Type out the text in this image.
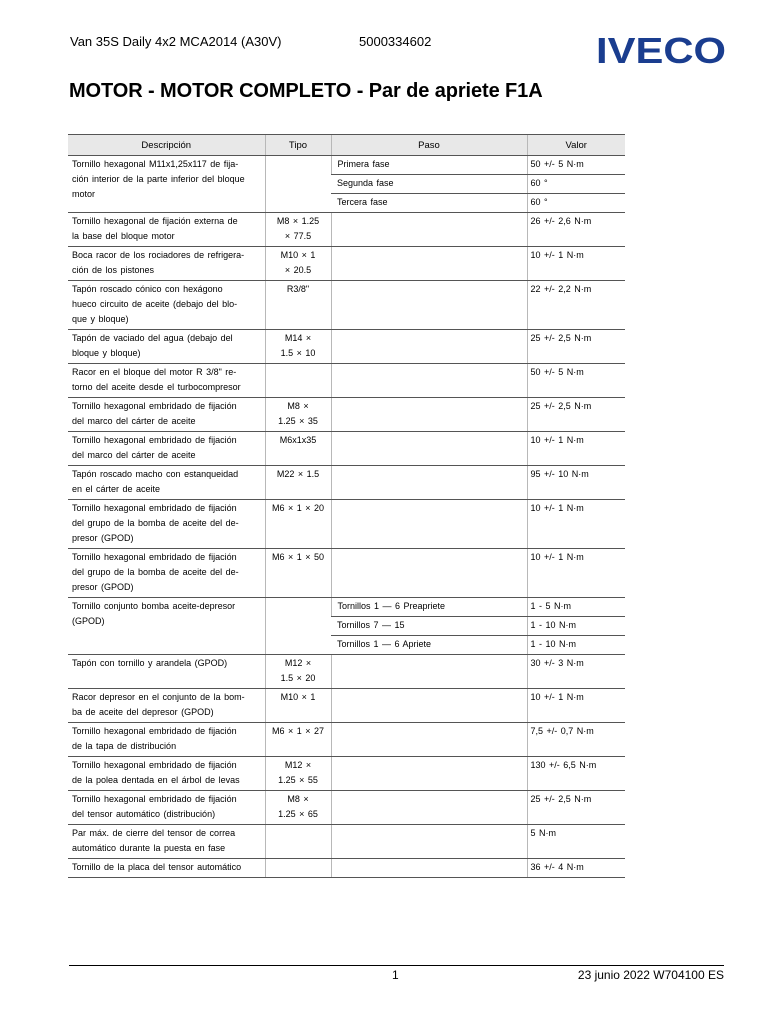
Van 35S Daily 4x2 MCA2014 (A30V)	5000334602	IVECO
MOTOR - MOTOR COMPLETO - Par de apriete F1A
Descripción	Tipo	Paso	Valor
Tornillo hexagonal M11x1,25x117 de fija-
ción interior de la parte inferior del bloque
motor		Primera fase	50 +/- 5 N·m
		Segunda fase	60 °
		Tercera fase	60 °
Tornillo hexagonal de fijación externa de
la base del bloque motor	M8 × 1.25
× 77.5		26 +/- 2,6 N·m
Boca racor de los rociadores de refrigera-
ción de los pistones	M10 × 1
× 20.5		10 +/- 1 N·m
Tapón roscado cónico con hexágono
hueco circuito de aceite (debajo del blo-
que y bloque)	R3/8"		22 +/- 2,2 N·m
Tapón de vaciado del agua (debajo del
bloque y bloque)	M14 ×
1.5 × 10		25 +/- 2,5 N·m
Racor en el bloque del motor R 3/8" re-
torno del aceite desde el turbocompresor			50 +/- 5 N·m
Tornillo hexagonal embridado de fijación
del marco del cárter de aceite	M8 ×
1.25 × 35		25 +/- 2,5 N·m
Tornillo hexagonal embridado de fijación
del marco del cárter de aceite	M6x1x35		10 +/- 1 N·m
Tapón roscado macho con estanqueidad
en el cárter de aceite	M22 × 1.5		95 +/- 10 N·m
Tornillo hexagonal embridado de fijación
del grupo de la bomba de aceite del de-
presor (GPOD)	M6 × 1 × 20		10 +/- 1 N·m
Tornillo hexagonal embridado de fijación
del grupo de la bomba de aceite del de-
presor (GPOD)	M6 × 1 × 50		10 +/- 1 N·m
Tornillo conjunto bomba aceite-depresor
(GPOD)		Tornillos 1 — 6 Preapriete	1 - 5 N·m
		Tornillos 7 — 15	1 - 10 N·m
		Tornillos 1 — 6 Apriete	1 - 10 N·m
Tapón con tornillo y arandela (GPOD)	M12 ×
1.5 × 20		30 +/- 3 N·m
Racor depresor en el conjunto de la bom-
ba de aceite del depresor (GPOD)	M10 × 1		10 +/- 1 N·m
Tornillo hexagonal embridado de fijación
de la tapa de distribución	M6 × 1 × 27		7,5 +/- 0,7 N·m
Tornillo hexagonal embridado de fijación
de la polea dentada en el árbol de levas	M12 ×
1.25 × 55		130 +/- 6,5 N·m
Tornillo hexagonal embridado de fijación
del tensor automático (distribución)	M8 ×
1.25 × 65		25 +/- 2,5 N·m
Par máx. de cierre del tensor de correa
automático durante la puesta en fase			5 N·m
Tornillo de la placa del tensor automático			36 +/- 4 N·m
1	23 junio 2022 W704100 ES
